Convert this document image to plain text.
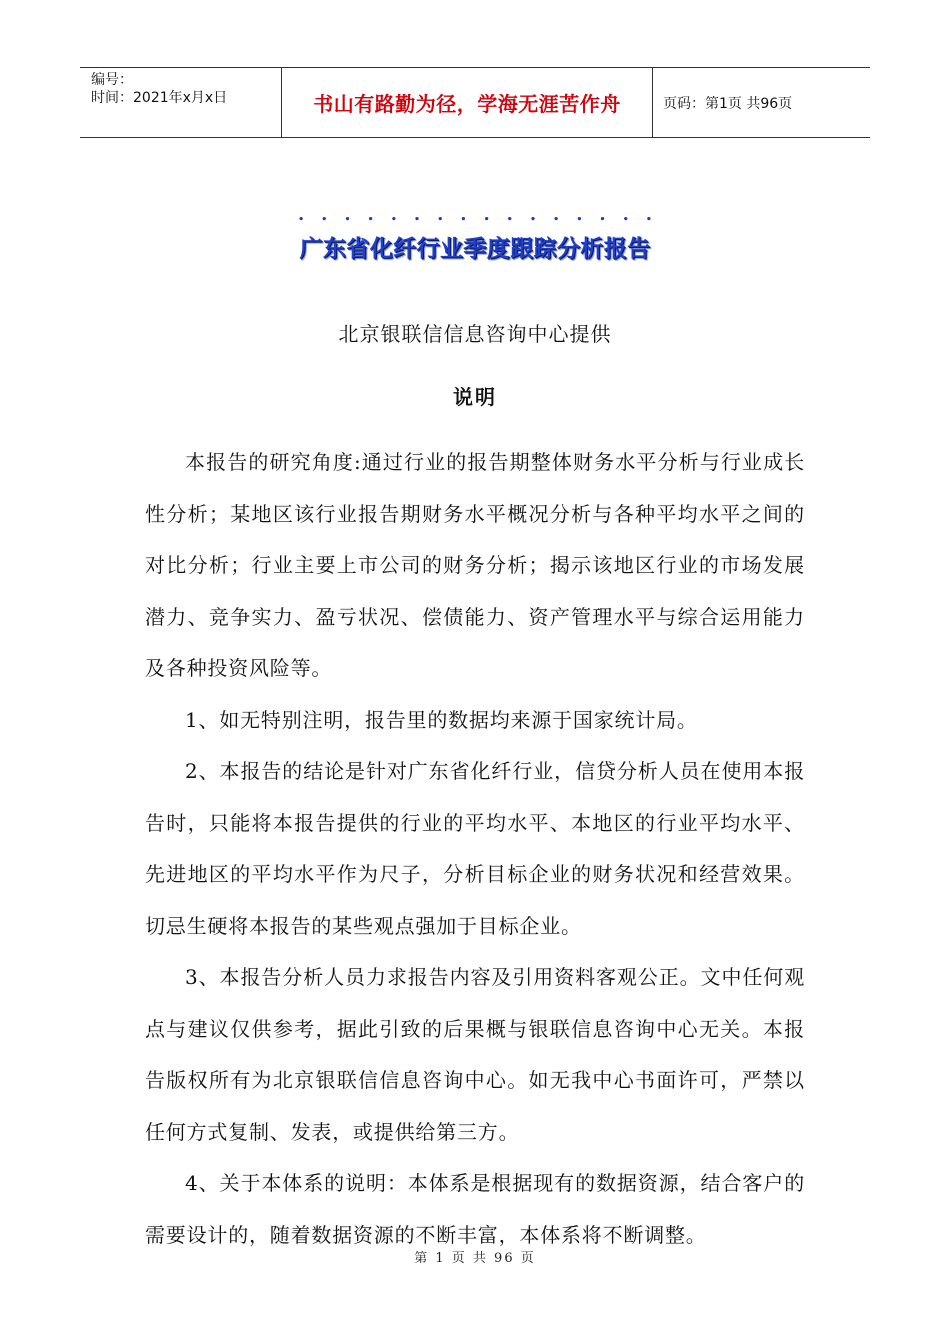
编号：
时间：2021年x月x日	书山有路勤为径，学海无涯苦作舟	页码：第1页 共96页
. . . . . . . . . . . . . . . .
广东省化纤行业季度跟踪分析报告
北京银联信信息咨询中心提供
说明

本报告的研究角度:通过行业的报告期整体财务水平分析与行业成长性分析；某地区该行业报告期财务水平概况分析与各种平均水平之间的对比分析；行业主要上市公司的财务分析；揭示该地区行业的市场发展潜力、竞争实力、盈亏状况、偿债能力、资产管理水平与综合运用能力及各种投资风险等。

1、如无特别注明，报告里的数据均来源于国家统计局。

2、本报告的结论是针对广东省化纤行业，信贷分析人员在使用本报告时，只能将本报告提供的行业的平均水平、本地区的行业平均水平、先进地区的平均水平作为尺子，分析目标企业的财务状况和经营效果。切忌生硬将本报告的某些观点强加于目标企业。

3、本报告分析人员力求报告内容及引用资料客观公正。文中任何观点与建议仅供参考，据此引致的后果概与银联信息咨询中心无关。本报告版权所有为北京银联信信息咨询中心。如无我中心书面许可，严禁以任何方式复制、发表，或提供给第三方。

4、关于本体系的说明：本体系是根据现有的数据资源，结合客户的需要设计的，随着数据资源的不断丰富，本体系将不断调整。

第 1 页 共 96 页
